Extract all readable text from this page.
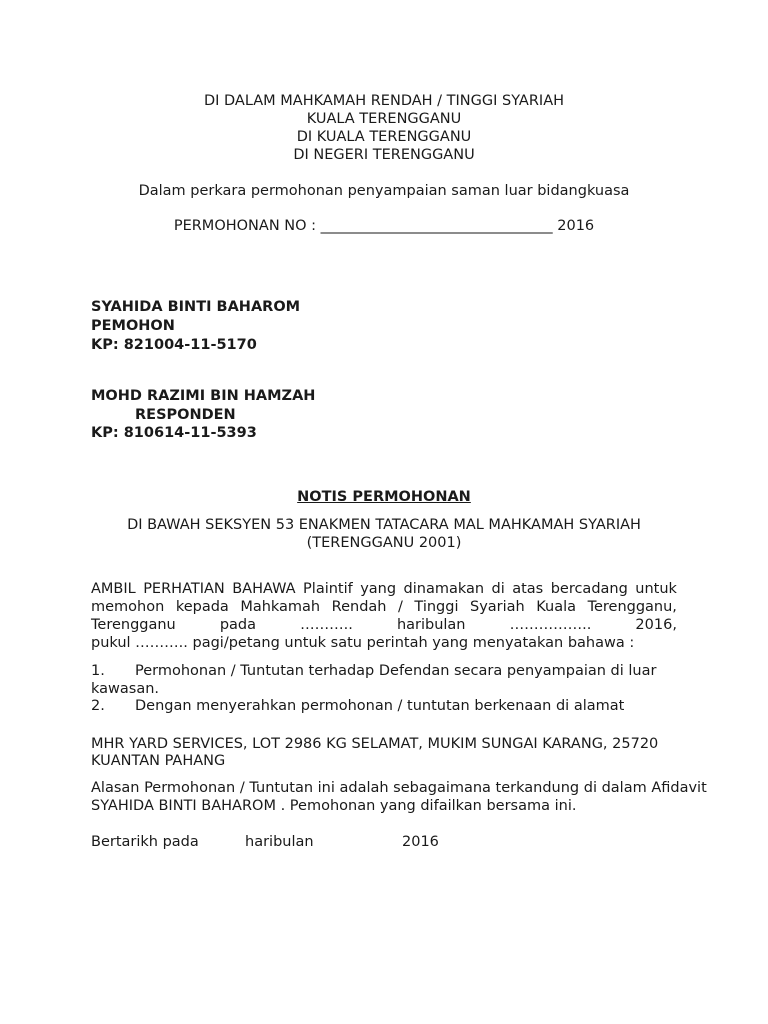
DI DALAM MAHKAMAH RENDAH / TINGGI SYARIAH
KUALA TERENGGANU
DI KUALA TERENGGANU
DI NEGERI TERENGGANU
Dalam perkara permohonan penyampaian saman luar bidangkuasa
PERMOHONAN NO : ________________________________ 2016
SYAHIDA BINTI BAHAROM
PEMOHON
KP: 821004-11-5170
MOHD RAZIMI BIN HAMZAH
RESPONDEN
KP: 810614-11-5393
NOTIS PERMOHONAN
DI BAWAH SEKSYEN 53 ENAKMEN TATACARA MAL MAHKAMAH SYARIAH
(TERENGGANU 2001)
AMBIL PERHATIAN BAHAWA Plaintif yang dinamakan di atas bercadang untuk
memohon kepada Mahkamah Rendah / Tinggi Syariah Kuala Terengganu,
Terengganu	pada	………..	haribulan	……………..	2016,
pukul ……….. pagi/petang untuk satu perintah yang menyatakan bahawa :
1. Permohonan / Tuntutan terhadap Defendan secara penyampaian di luar
kawasan.
2. Dengan menyerahkan permohonan / tuntutan berkenaan di alamat
MHR YARD SERVICES, LOT 2986 KG SELAMAT, MUKIM SUNGAI KARANG, 25720
KUANTAN PAHANG
Alasan Permohonan / Tuntutan ini adalah sebagaimana terkandung di dalam Afidavit
SYAHIDA BINTI BAHAROM . Pemohonan yang difailkan bersama ini.
Bertarikh pada	haribulan	2016
